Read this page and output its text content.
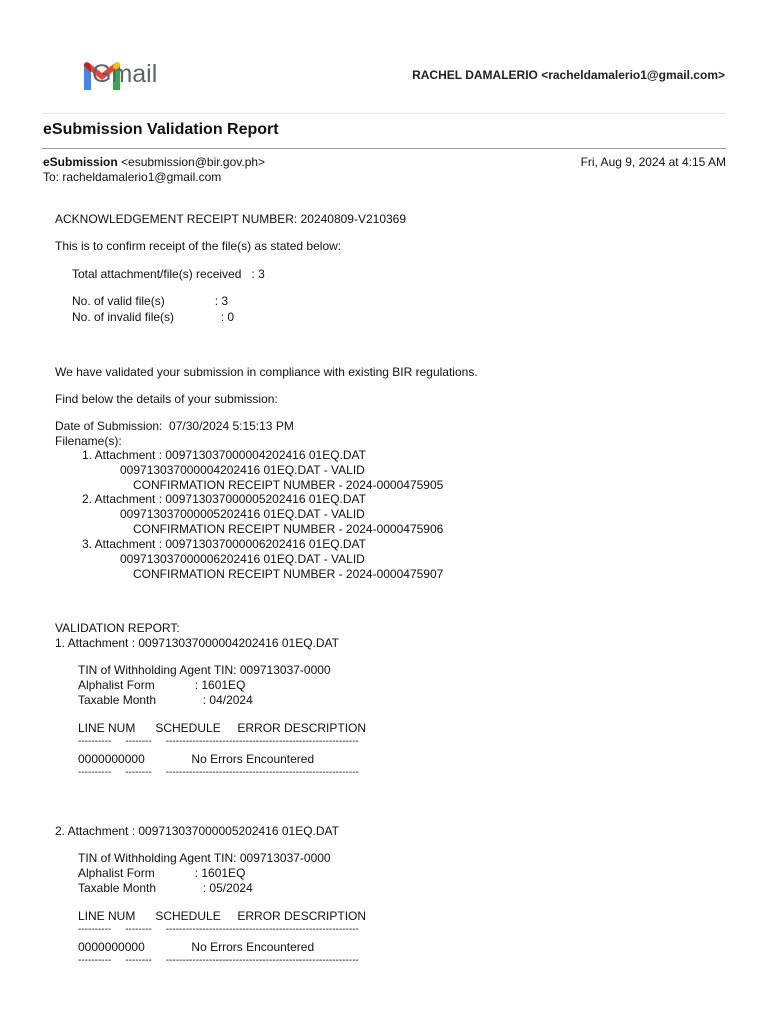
Gmail	RACHEL DAMALERIO <racheldamalerio1@gmail.com>
eSubmission Validation Report
eSubmission <esubmission@bir.gov.ph>	Fri, Aug 9, 2024 at 4:15 AM
To: racheldamalerio1@gmail.com
ACKNOWLEDGEMENT RECEIPT NUMBER: 20240809-V210369
This is to confirm receipt of the file(s) as stated below:
Total attachment/file(s) received   : 3
No. of valid file(s)               : 3
No. of invalid file(s)              : 0
We have validated your submission in compliance with existing BIR regulations.
Find below the details of your submission:
Date of Submission:  07/30/2024 5:15:13 PM
Filename(s):
1. Attachment : 009713037000004202416 01EQ.DAT
009713037000004202416 01EQ.DAT - VALID
CONFIRMATION RECEIPT NUMBER - 2024-0000475905
2. Attachment : 009713037000005202416 01EQ.DAT
009713037000005202416 01EQ.DAT - VALID
CONFIRMATION RECEIPT NUMBER - 2024-0000475906
3. Attachment : 009713037000006202416 01EQ.DAT
009713037000006202416 01EQ.DAT - VALID
CONFIRMATION RECEIPT NUMBER - 2024-0000475907
VALIDATION REPORT:
1. Attachment : 009713037000004202416 01EQ.DAT
TIN of Withholding Agent TIN: 009713037-0000
Alphalist Form            : 1601EQ
Taxable Month              : 04/2024
LINE NUM      SCHEDULE     ERROR DESCRIPTION
----------     --------     ----------------------------------------------------------
0000000000              No Errors Encountered
----------     --------     ----------------------------------------------------------
2. Attachment : 009713037000005202416 01EQ.DAT
TIN of Withholding Agent TIN: 009713037-0000
Alphalist Form            : 1601EQ
Taxable Month              : 05/2024
LINE NUM      SCHEDULE     ERROR DESCRIPTION
----------     --------     ----------------------------------------------------------
0000000000              No Errors Encountered
----------     --------     ----------------------------------------------------------
